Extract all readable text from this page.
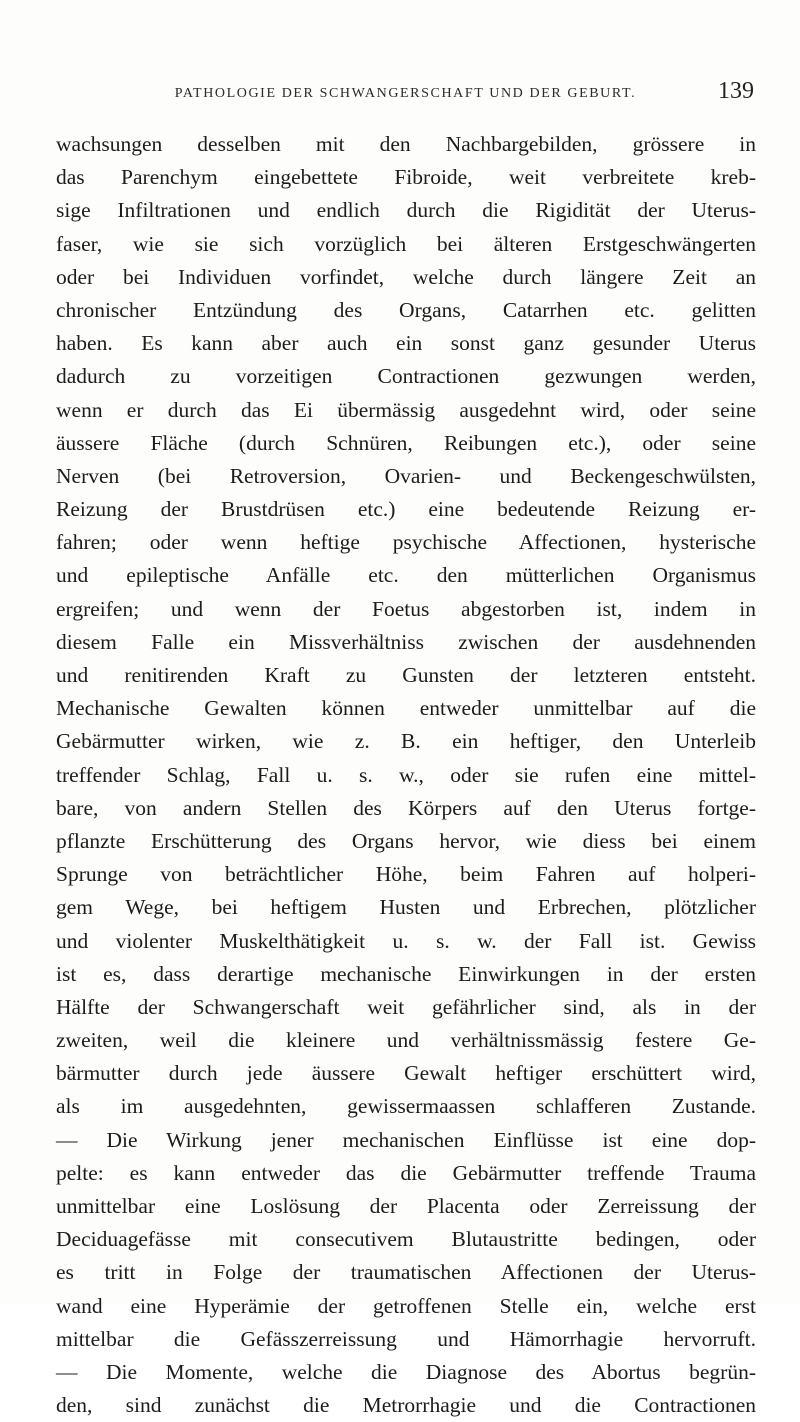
PATHOLOGIE DER SCHWANGERSCHAFT UND DER GEBURT.	139
wachsungen desselben mit den Nachbargebilden, grössere in
das Parenchym eingebettete Fibroide, weit verbreitete kreb-
sige Infiltrationen und endlich durch die Rigidität der Uterus-
faser, wie sie sich vorzüglich bei älteren Erstgeschwängerten
oder bei Individuen vorfindet, welche durch längere Zeit an
chronischer Entzündung des Organs, Catarrhen etc. gelitten
haben. Es kann aber auch ein sonst ganz gesunder Uterus
dadurch zu vorzeitigen Contractionen gezwungen werden,
wenn er durch das Ei übermässig ausgedehnt wird, oder seine
äussere Fläche (durch Schnüren, Reibungen etc.), oder seine
Nerven (bei Retroversion, Ovarien- und Beckengeschwülsten,
Reizung der Brustdrüsen etc.) eine bedeutende Reizung er-
fahren; oder wenn heftige psychische Affectionen, hysterische
und epileptische Anfälle etc. den mütterlichen Organismus
ergreifen; und wenn der Foetus abgestorben ist, indem in
diesem Falle ein Missverhältniss zwischen der ausdehnenden
und renitirenden Kraft zu Gunsten der letzteren entsteht.
Mechanische Gewalten können entweder unmittelbar auf die
Gebärmutter wirken, wie z. B. ein heftiger, den Unterleib
treffender Schlag, Fall u. s. w., oder sie rufen eine mittel-
bare, von andern Stellen des Körpers auf den Uterus fortge-
pflanzte Erschütterung des Organs hervor, wie diess bei einem
Sprunge von beträchtlicher Höhe, beim Fahren auf holperi-
gem Wege, bei heftigem Husten und Erbrechen, plötzlicher
und violenter Muskelthätigkeit u. s. w. der Fall ist. Gewiss
ist es, dass derartige mechanische Einwirkungen in der ersten
Hälfte der Schwangerschaft weit gefährlicher sind, als in der
zweiten, weil die kleinere und verhältnissmässig festere Ge-
bärmutter durch jede äussere Gewalt heftiger erschüttert wird,
als im ausgedehnten, gewissermaassen schlafferen Zustande.
— Die Wirkung jener mechanischen Einflüsse ist eine dop-
pelte: es kann entweder das die Gebärmutter treffende Trauma
unmittelbar eine Loslösung der Placenta oder Zerreissung der
Deciduagefässe mit consecutivem Blutaustritte bedingen, oder
es tritt in Folge der traumatischen Affectionen der Uterus-
wand eine Hyperämie der getroffenen Stelle ein, welche erst
mittelbar die Gefässzerreissung und Hämorrhagie hervorruft.
— Die Momente, welche die Diagnose des Abortus begrün-
den, sind zunächst die Metrorrhagie und die Contractionen
